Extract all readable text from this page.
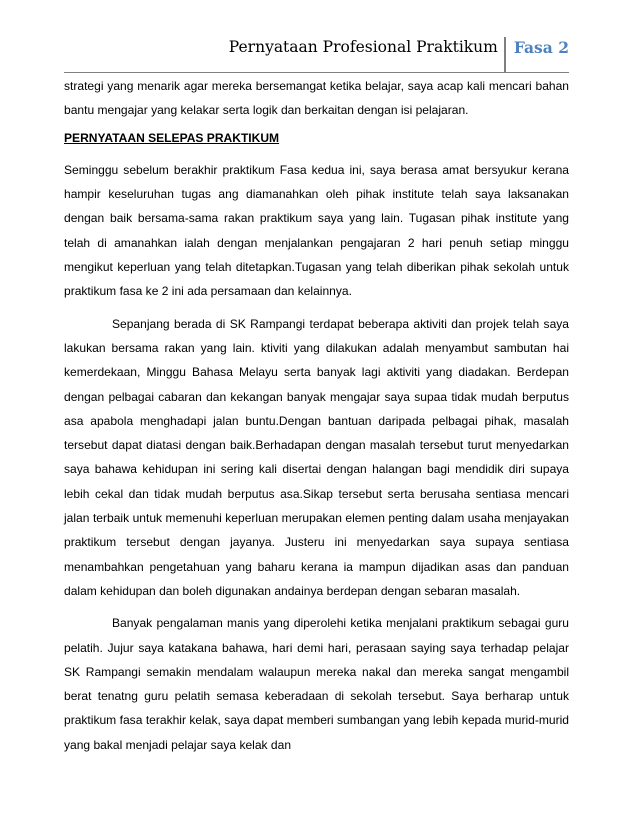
Pernyataan Profesional Praktikum	Fasa 2

strategi yang menarik agar mereka bersemangat ketika belajar, saya acap kali mencari bahan bantu mengajar yang kelakar serta logik dan berkaitan dengan isi pelajaran.

PERNYATAAN SELEPAS PRAKTIKUM

Seminggu sebelum berakhir praktikum Fasa kedua ini, saya berasa amat bersyukur kerana hampir keseluruhan tugas ang diamanahkan oleh pihak institute telah saya laksanakan dengan baik bersama-sama rakan praktikum saya yang lain. Tugasan pihak institute yang telah di amanahkan ialah dengan menjalankan pengajaran 2 hari penuh setiap minggu mengikut keperluan yang telah ditetapkan.Tugasan yang telah diberikan pihak sekolah untuk praktikum fasa ke 2 ini ada persamaan dan kelainnya.

Sepanjang berada di SK Rampangi terdapat beberapa aktiviti dan projek telah saya lakukan bersama rakan yang lain. ktiviti yang dilakukan adalah menyambut sambutan hai kemerdekaan, Minggu Bahasa Melayu serta banyak lagi aktiviti yang diadakan. Berdepan dengan pelbagai cabaran dan kekangan banyak mengajar saya supaa tidak mudah berputus asa apabola menghadapi jalan buntu.Dengan bantuan daripada pelbagai pihak, masalah tersebut dapat diatasi dengan baik.Berhadapan dengan masalah tersebut turut menyedarkan saya bahawa kehidupan ini sering kali disertai dengan halangan bagi mendidik diri supaya lebih cekal dan tidak mudah berputus asa.Sikap tersebut serta berusaha sentiasa mencari jalan terbaik untuk memenuhi keperluan merupakan elemen penting dalam usaha menjayakan praktikum tersebut dengan jayanya. Justeru ini menyedarkan saya supaya sentiasa menambahkan pengetahuan yang baharu kerana ia mampun dijadikan asas dan panduan dalam kehidupan dan boleh digunakan andainya berdepan dengan sebaran masalah.

Banyak pengalaman manis yang diperolehi ketika menjalani praktikum sebagai guru pelatih. Jujur saya katakana bahawa, hari demi hari, perasaan saying saya terhadap pelajar SK Rampangi semakin mendalam walaupun mereka nakal dan mereka sangat mengambil berat tenatng guru pelatih semasa keberadaan di sekolah tersebut. Saya berharap untuk praktikum fasa terakhir kelak, saya dapat memberi sumbangan yang lebih kepada murid-murid yang bakal menjadi pelajar saya kelak dan
